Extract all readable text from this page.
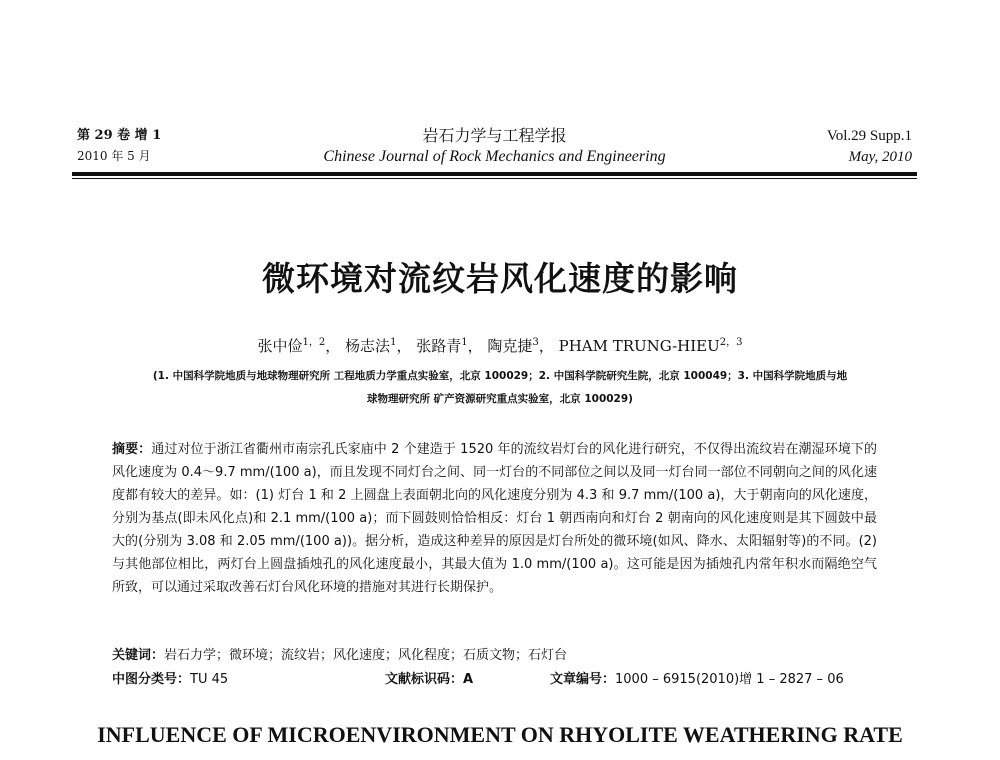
第 29 卷 增 1
2010 年 5 月
岩石力学与工程学报
Chinese Journal of Rock Mechanics and Engineering
Vol.29 Supp.1
May, 2010
微环境对流纹岩风化速度的影响
张中俭$^{1,2}$， 杨志法$^1$， 张路青$^1$， 陶克捷$^3$， PHAM TRUNG-$HIEU^{2,3}$
(1. 中国科学院地质与地球物理研究所 工程地质力学重点实验室，北京 100029；2. 中国科学院研究生院，北京 100049；3. 中国科学院地质与地
球物理研究所 矿产资源研究重点实验室，北京 100029)
摘要：通过对位于浙江省衢州市南宗孔氏家庙中 2 个建造于 1520 年的流纹岩灯台的风化进行研究，不仅得出流纹岩在潮湿环境下的风化速度为 0.4～9.7 mm/(100 a)，而且发现不同灯台之间、同一灯台的不同部位之间以及同一灯台同一部位不同朝向之间的风化速度都有较大的差异。如：(1) 灯台 1 和 2 上圆盘上表面朝北向的风化速度分别为 4.3 和 9.7 mm/(100 a)，大于朝南向的风化速度，分别为基点(即未风化点)和 2.1 mm/(100 a)；而下圆鼓则恰恰相反：灯台 1 朝西南向和灯台 2 朝南向的风化速度则是其下圆鼓中最大的(分别为 3.08 和 2.05 mm/(100 a))。据分析，造成这种差异的原因是灯台所处的微环境(如风、降水、太阳辐射等)的不同。(2) 与其他部位相比，两灯台上圆盘插烛孔的风化速度最小，其最大值为 1.0 mm/(100 a)。这可能是因为插烛孔内常年积水而隔绝空气所致，可以通过采取改善石灯台风化环境的措施对其进行长期保护。
关键词：岩石力学；微环境；流纹岩；风化速度；风化程度；石质文物；石灯台
中图分类号：TU 45	文献标识码：A	文章编号：1000 – 6915(2010)增 1 – 2827 – 06
INFLUENCE OF MICROENVIRONMENT ON RHYOLITE WEATHERING RATE
